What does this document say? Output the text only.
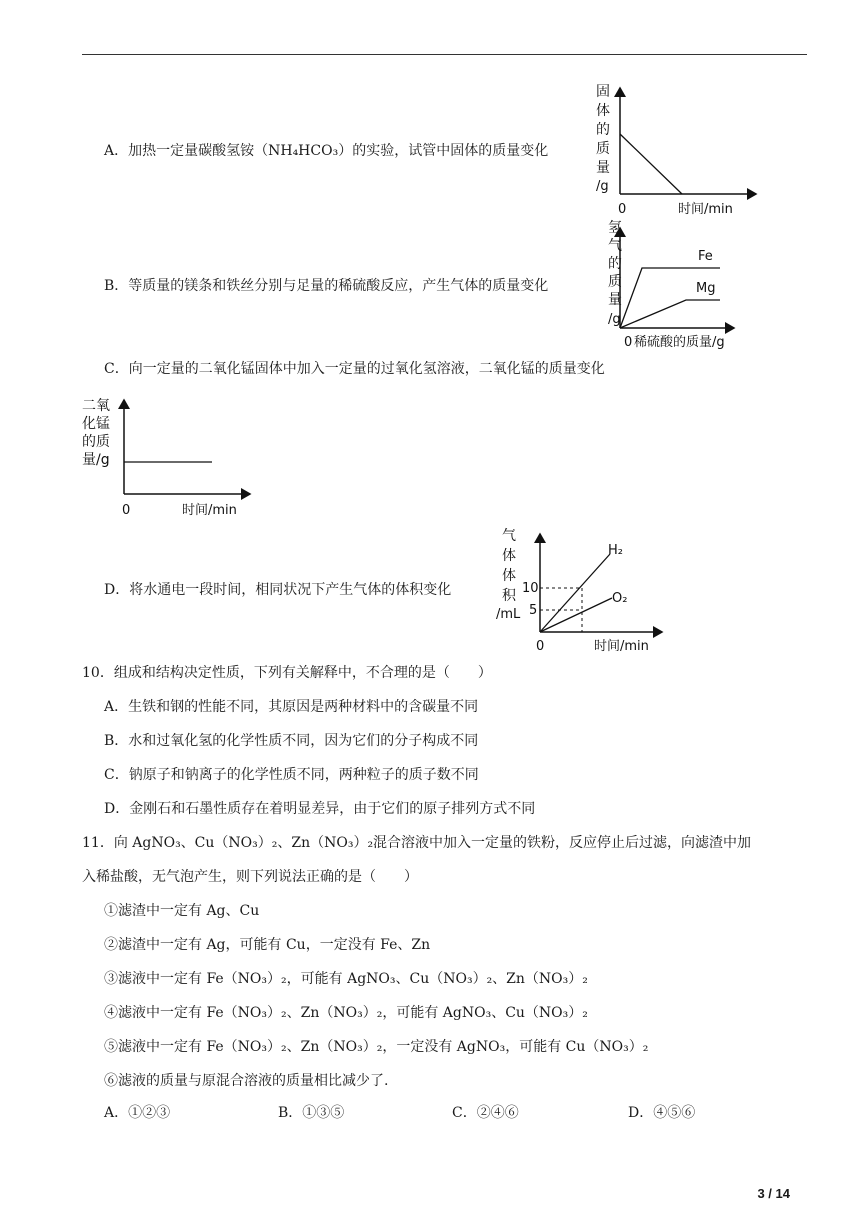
A．加热一定量碳酸氢铵（NH₄HCO₃）的实验，试管中固体的质量变化
固
体
的
质
量
/g
0	时间/min
B．等质量的镁条和铁丝分别与足量的稀硫酸反应，产生气体的质量变化
Fe
Mg
氢
气
的
质
量
/g
0 稀硫酸的质量/g
C．向一定量的二氧化锰固体中加入一定量的过氧化氢溶液，二氧化锰的质量变化
二氧
化锰
的质
量/g
0	时间/min
D．将水通电一段时间，相同状况下产生气体的体积变化	10
5
H₂
O₂
气
体
体
积
/mL
0	时间/min
10．组成和结构决定性质，下列有关解释中，不合理的是（　　）
A．生铁和钢的性能不同，其原因是两种材料中的含碳量不同
B．水和过氧化氢的化学性质不同，因为它们的分子构成不同
C．钠原子和钠离子的化学性质不同，两种粒子的质子数不同
D．金刚石和石墨性质存在着明显差异，由于它们的原子排列方式不同
11．向 AgNO₃、Cu（NO₃）₂、Zn（NO₃）₂混合溶液中加入一定量的铁粉，反应停止后过滤，向滤渣中加
入稀盐酸，无气泡产生，则下列说法正确的是（　　）
①滤渣中一定有 Ag、Cu
②滤渣中一定有 Ag，可能有 Cu，一定没有 Fe、Zn
③滤液中一定有 Fe（NO₃）₂，可能有 AgNO₃、Cu（NO₃）₂、Zn（NO₃）₂
④滤液中一定有 Fe（NO₃）₂、Zn（NO₃）₂，可能有 AgNO₃、Cu（NO₃）₂
⑤滤液中一定有 Fe（NO₃）₂、Zn（NO₃）₂，一定没有 AgNO₃，可能有 Cu（NO₃）₂
⑥滤液的质量与原混合溶液的质量相比减少了.
A．①②③	B．①③⑤	C．②④⑥	D．④⑤⑥
3 / 14
